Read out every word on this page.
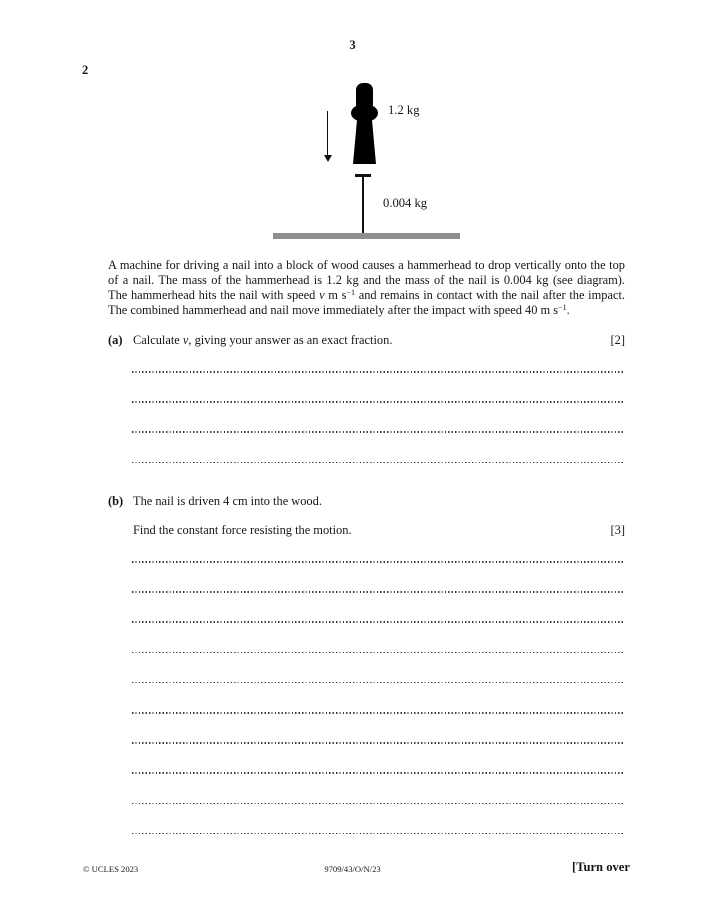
3
2
1.2 kg
0.004 kg
A machine for driving a nail into a block of wood causes a hammerhead to drop vertically onto the top
of a nail. The mass of the hammerhead is 1.2 kg and the mass of the nail is 0.004 kg (see diagram).
The hammerhead hits the nail with speed v m $s^{-1}$ and remains in contact with the nail after the impact.
The combined hammerhead and nail move immediately after the impact with speed 40 m $s^{-1}$.
(a) Calculate v, giving your answer as an exact fraction.	[2]
(b) The nail is driven 4 cm into the wood.
Find the constant force resisting the motion.	[3]
© UCLES 2023	9709/43/O/N/23	[Turn over
